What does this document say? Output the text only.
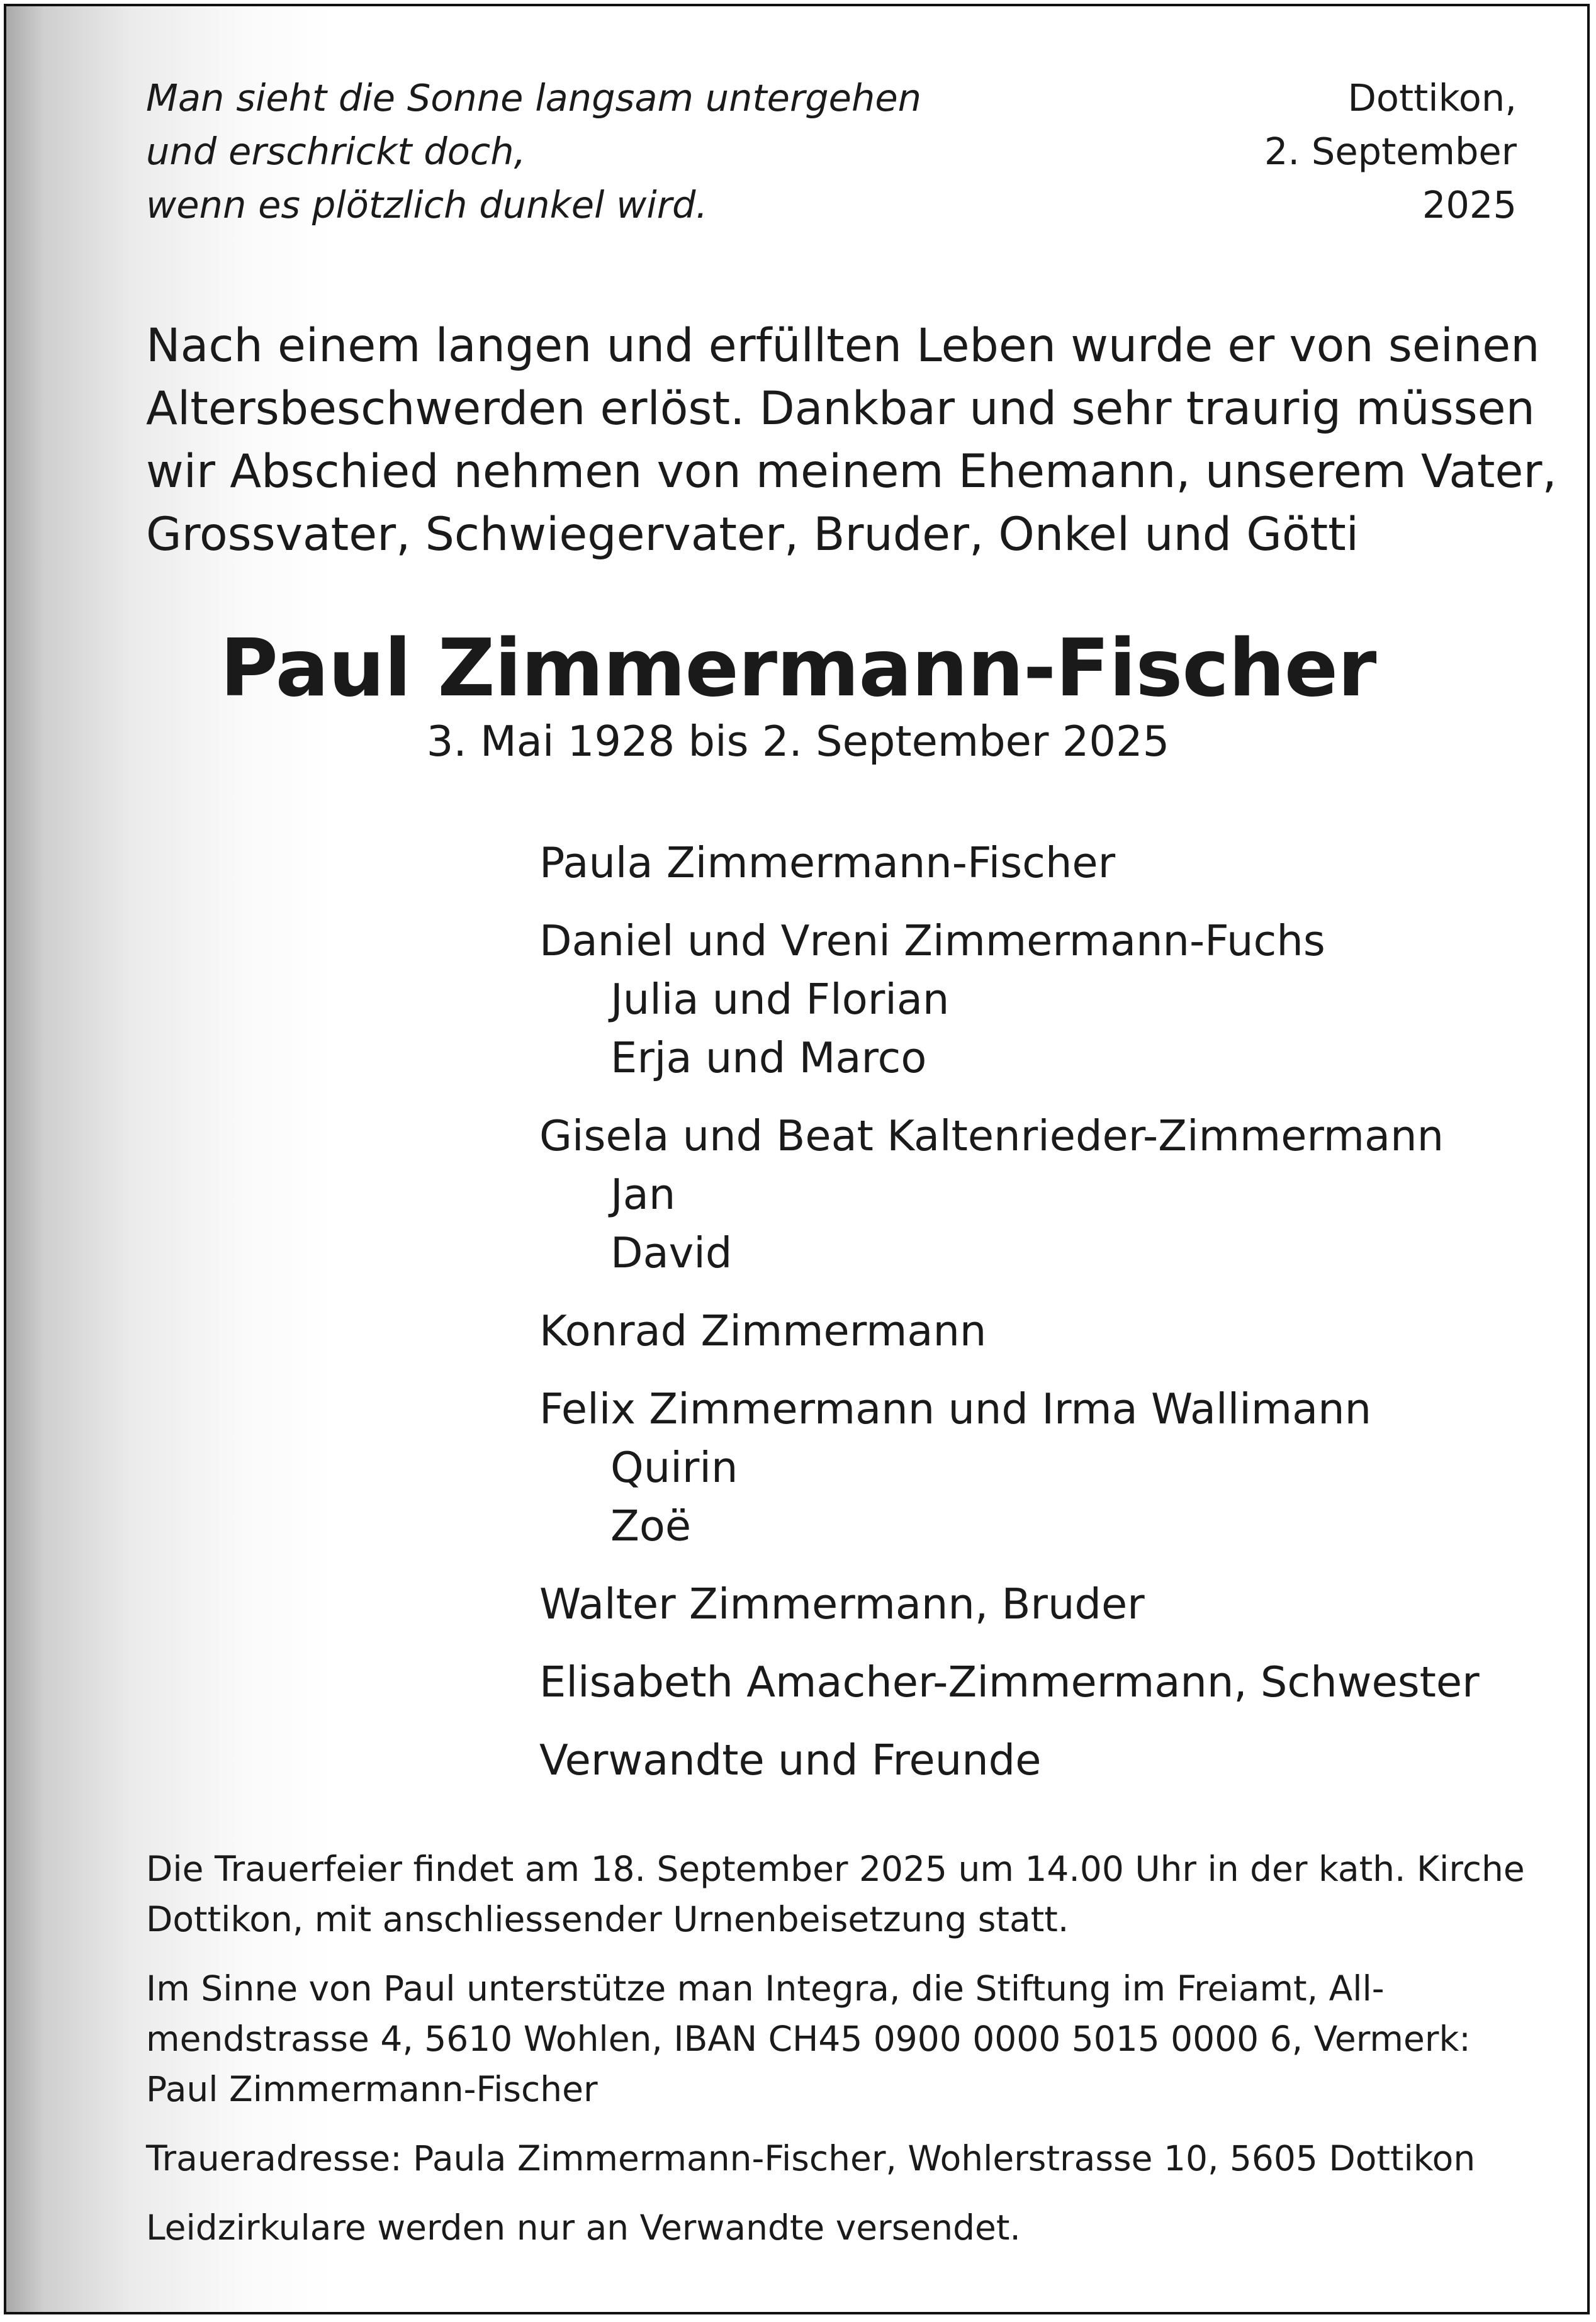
Man sieht die Sonne langsam untergehen
und erschrickt doch,
wenn es plötzlich dunkel wird.
Dottikon,
2. September
2025
Nach einem langen und erfüllten Leben wurde er von seinen
Altersbeschwerden erlöst. Dankbar und sehr traurig müssen
wir Abschied nehmen von meinem Ehemann, unserem Vater,
Grossvater, Schwiegervater, Bruder, Onkel und Götti
Paul Zimmermann-Fischer
3. Mai 1928 bis 2. September 2025
Paula Zimmermann-Fischer
Daniel und Vreni Zimmermann-Fuchs
Julia und Florian
Erja und Marco
Gisela und Beat Kaltenrieder-Zimmermann
Jan
David
Konrad Zimmermann
Felix Zimmermann und Irma Wallimann
Quirin
Zoë
Walter Zimmermann, Bruder
Elisabeth Amacher-Zimmermann, Schwester
Verwandte und Freunde
Die Trauerfeier findet am 18. September 2025 um 14.00 Uhr in der kath. Kirche
Dottikon, mit anschliessender Urnenbeisetzung statt.
Im Sinne von Paul unterstütze man Integra, die Stiftung im Freiamt, All-
mendstrasse 4, 5610 Wohlen, IBAN CH45 0900 0000 5015 0000 6, Vermerk:
Paul Zimmermann-Fischer
Traueradresse: Paula Zimmermann-Fischer, Wohlerstrasse 10, 5605 Dottikon
Leidzirkulare werden nur an Verwandte versendet.
